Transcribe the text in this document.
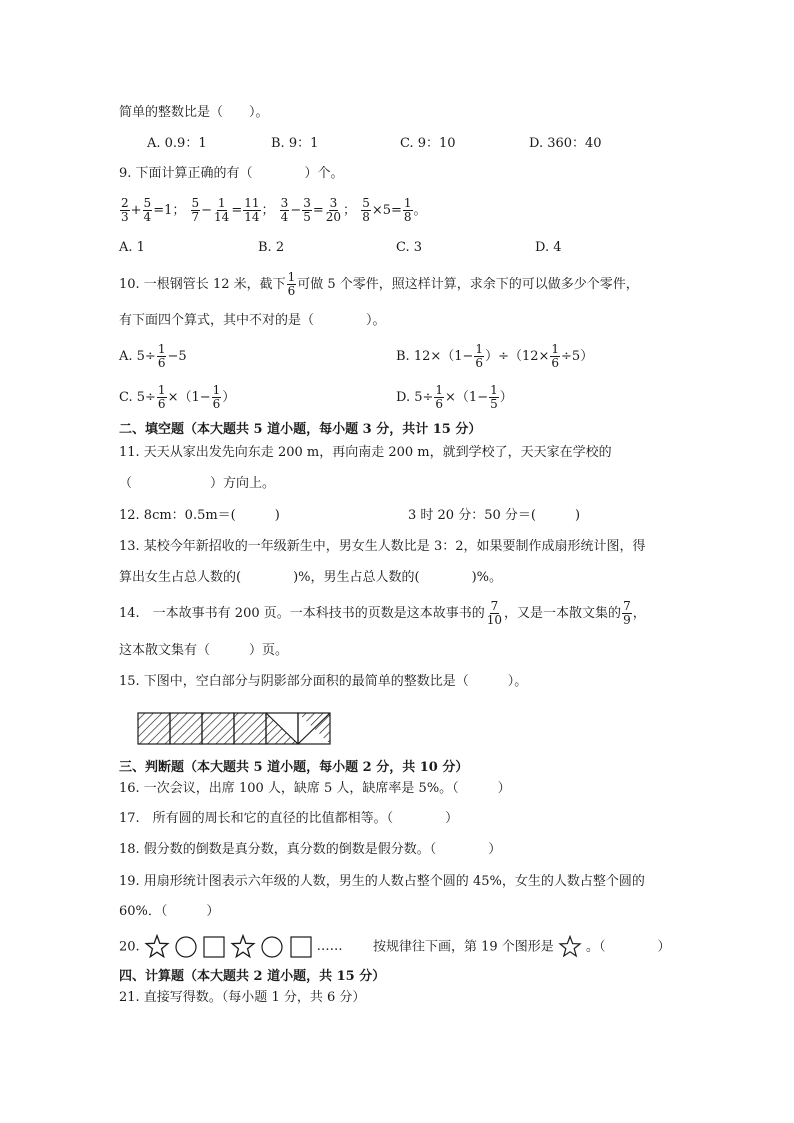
简单的整数比是（　　）。
A. 0.9：1	B. 9：1	C. 9：10	D. 360：40
9. 下面计算正确的有（　　　　）个。
$\frac{2}{3} + \frac{5}{4} =1$； $\frac{5}{7} - \frac{1}{14} = \frac{11}{14}$ ； $\frac{3}{4} - \frac{3}{5} = \frac{3}{20}$ ； $\frac{5}{8} \times 5= \frac{1}{8}$ 。
A. 1	B. 2	C. 3	D. 4
10. 一根钢管长 12 米，截下 $\frac{1}{6}$ 可做 5 个零件，照这样计算，求余下的可以做多少个零件，
有下面四个算式，其中不对的是（　　　　）。
A. $5\div \frac{1}{6} -5$	B. $12\times(1- \frac{1}{6} )\div(12\times \frac{1}{6} \div 5)$
C. $5\div \frac{1}{6} \times(1- \frac{1}{6}$ ）	D. $5\div \frac{1}{6} \times(1- \frac{1}{5}$ ）
二、填空题（本大题共 5 道小题，每小题 3 分，共计 15 分）
11. 天天从家出发先向东走 200 m，再向南走 200 m，就到学校了，天天家在学校的
（　　　　　　）方向上。
12. 8cm：0.5m＝(　　　)	3 时 20 分：50 分＝(　　　)
13. 某校今年新招收的一年级新生中，男女生人数比是 3：2，如果要制作成扇形统计图，得
算出女生占总人数的(　　　　)%，男生占总人数的(　　　　)%。
14.　一本故事书有 200 页。一本科技书的页数是这本故事书的 $\frac{7}{10}$ ，又是一本散文集的 $\frac{7}{9}$ ，
这本散文集有（　　　）页。
15. 下图中，空白部分与阴影部分面积的最简单的整数比是（　　　）。
三、判断题（本大题共 5 道小题，每小题 2 分，共 10 分）
16. 一次会议，出席 100 人，缺席 5 人，缺席率是 5%。（　　　）
17.　所有圆的周长和它的直径的比值都相等。（　　　　）
18. 假分数的倒数是真分数，真分数的倒数是假分数。（　　　　）
19. 用扇形统计图表示六年级的人数，男生的人数占整个圆的 45%，女生的人数占整个圆的
60%．（　　　）
20.	…… 按规律往下画，第 19 个图形是 。（　　　　）
四、计算题（本大题共 2 道小题，共 15 分）
21. 直接写得数。（每小题 1 分，共 6 分）
